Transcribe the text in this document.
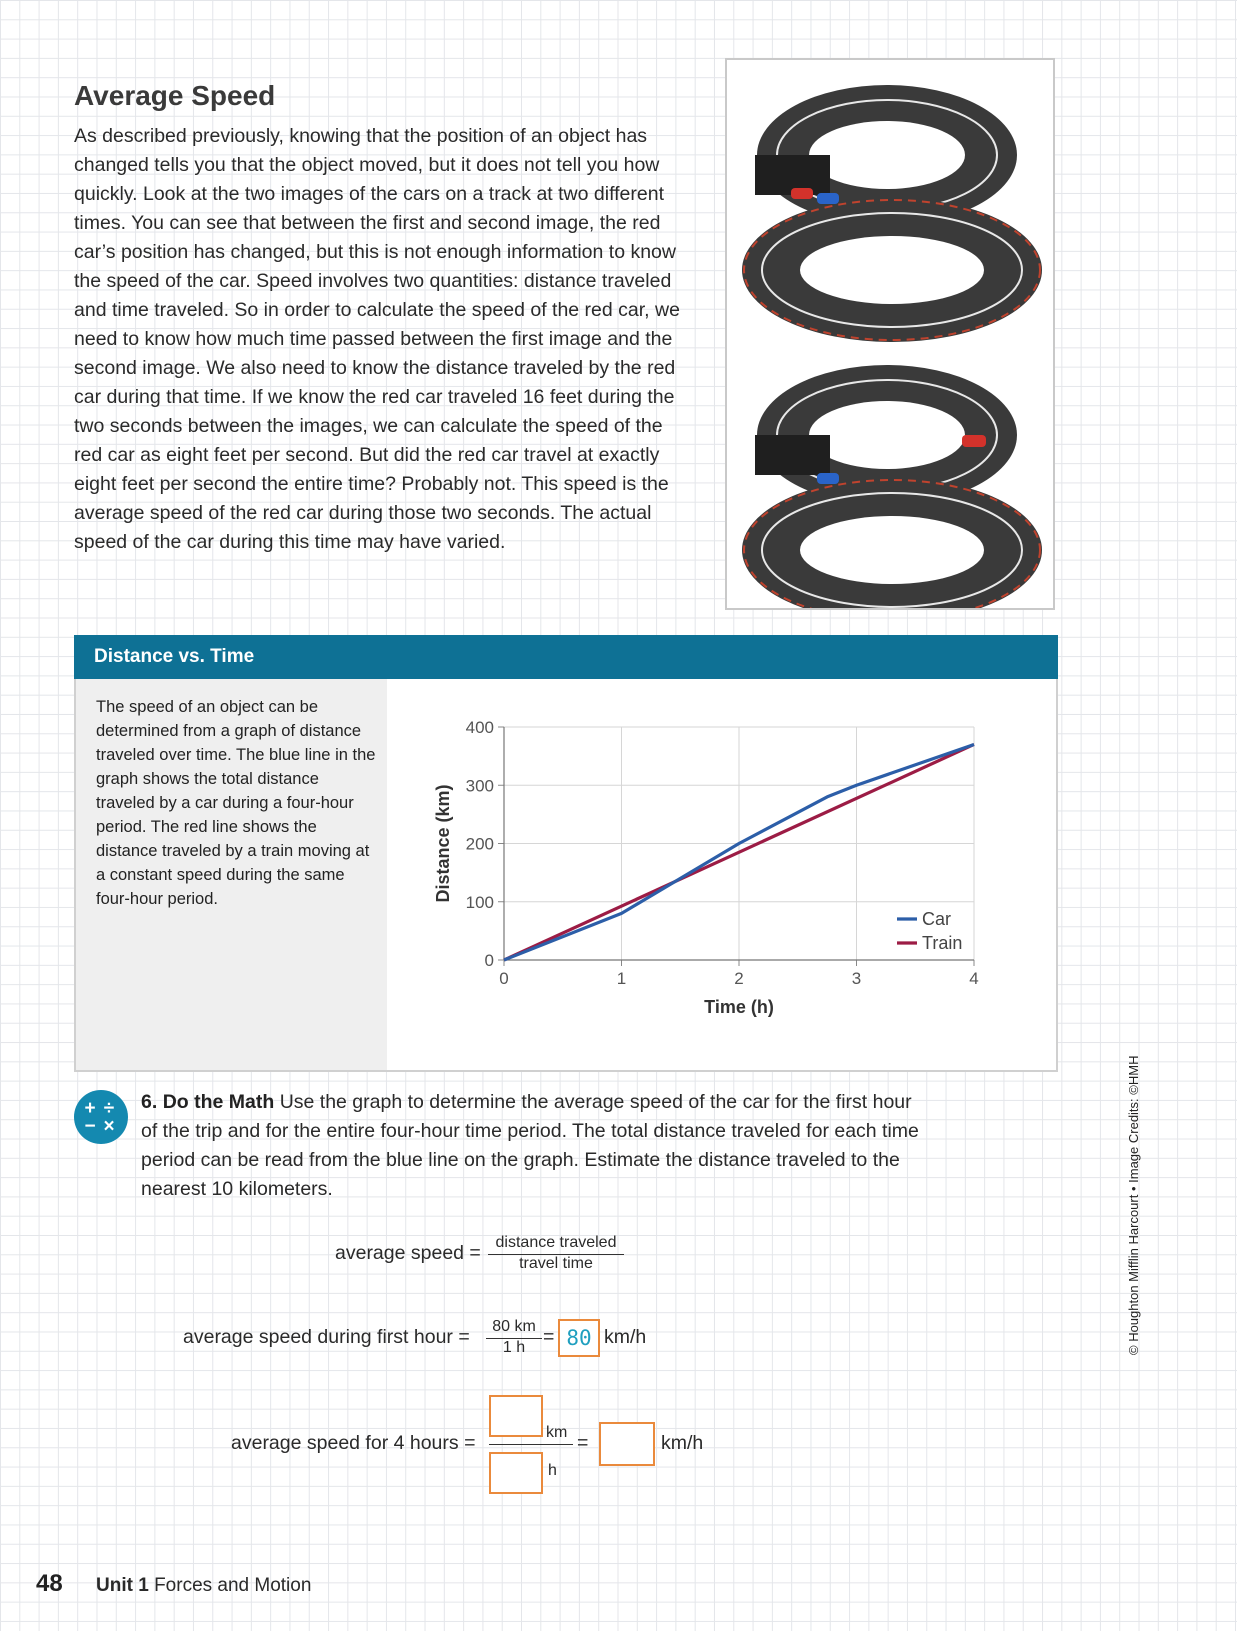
Average Speed

As described previously, knowing that the position of an object has changed tells you that the object moved, but it does not tell you how quickly. Look at the two images of the cars on a track at two different times. You can see that between the first and second image, the red car’s position has changed, but this is not enough information to know the speed of the car. Speed involves two quantities: distance traveled and time traveled. So in order to calculate the speed of the red car, we need to know how much time passed between the first image and the second image. We also need to know the distance traveled by the red car during that time. If we know the red car traveled 16 feet during the two seconds between the images, we can calculate the speed of the red car as eight feet per second. But did the red car travel at exactly eight feet per second the entire time? Probably not. This speed is the average speed of the red car during those two seconds. The actual speed of the car during this time may have varied.

Distance vs. Time

The speed of an object can be determined from a graph of distance traveled over time. The blue line in the graph shows the total distance traveled by a car during a four-hour period. The red line shows the distance traveled by a train moving at a constant speed during the same four-hour period.

0	1	2	3	4
0
100
200
300
400
Time (h)
Distance (km)
Car
Train
+ ÷
− ×

6. Do the Math Use the graph to determine the average speed of the car for the first hour of the trip and for the entire four-hour time period. The total distance traveled for each time period can be read from the blue line on the graph. Estimate the distance traveled to the nearest 10 kilometers.

average speed = distance traveled
travel time
average speed during first hour =	80 km
1 h = 80 km/h
average speed for 4 hours =	km
h
=	km/h
48 Unit 1 Forces and Motion
© Houghton Mifflin Harcourt • Image Credits: ©HMH
